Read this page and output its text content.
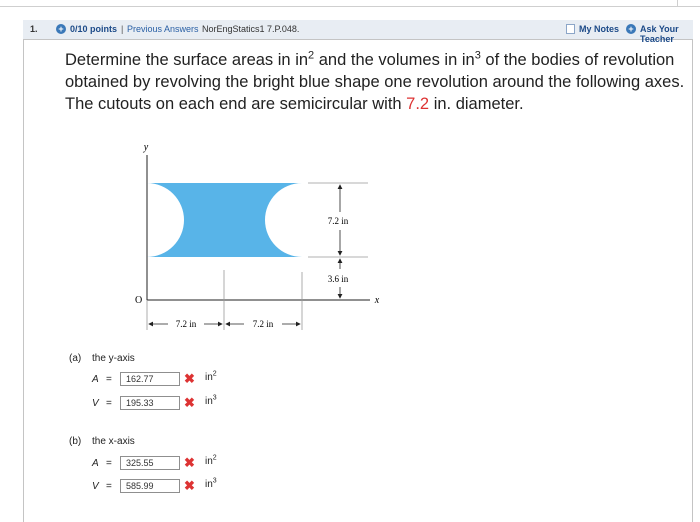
1. + 0/10 points | Previous Answers NorEngStatics1 7.P.048.	My Notes + Ask Your Teacher
Determine the surface areas in $in^2$ and the volumes in $in^3$ of the bodies of revolution obtained by revolving the bright blue shape one revolution around the following axes. The cutouts on each end are semicircular with 7.2 in. diameter.
y
x
O
7.2 in
3.6 in
7.2 in	7.2 in
(a) the y-axis
A =	162.77	✖ $in^2$
V =	195.33	✖ $in^3$
(b) the x-axis
A =	325.55	✖ $in^2$
V =	585.99	✖ $in^3$
